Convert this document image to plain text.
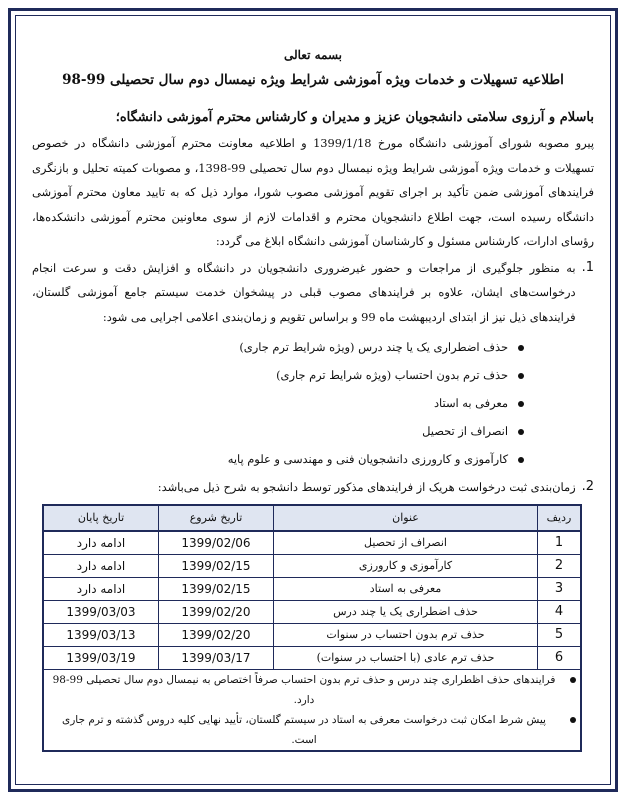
بسمه تعالی
اطلاعیه تسهیلات و خدمات ویژه آموزشی شرایط ویژه نیمسال دوم سال تحصیلی 99-98
باسلام و آرزوی سلامتی دانشجویان عزیز و مدیران و کارشناس محترم آموزشی دانشگاه؛
پیرو مصوبه شورای آموزشی دانشگاه مورخ 1399/1/18 و اطلاعیه معاونت محترم آموزشی دانشگاه در خصوص تسهیلات و خدمات ویژه آموزشی شرایط ویژه نیمسال دوم سال تحصیلی 99-1398، و مصوبات کمیته تحلیل و بازنگری فرایندهای آموزشی ضمن تأکید بر اجرای تقویم آموزشی مصوب شورا، موارد ذیل که به تایید معاون محترم آموزشی دانشگاه رسیده است، جهت اطلاع دانشجویان محترم و اقدامات لازم از سوی معاونین محترم آموزشی دانشکده‌ها، رؤسای ادارات، کارشناس مسئول و کارشناسان آموزشی دانشگاه ابلاغ می گردد:
1.
به منظور جلوگیری از مراجعات و حضور غیرضروری دانشجویان در دانشگاه و افزایش دقت و سرعت انجام درخواست‌های ایشان، علاوه بر فرایندهای مصوب قبلی در پیشخوان خدمت سیستم جامع آموزشی گلستان، فرایندهای ذیل نیز از ابتدای اردیبهشت ماه 99 و براساس تقویم و زمان‌بندی اعلامی اجرایی می شود:
حذف اضطراری یک یا چند درس (ویژه شرایط ترم جاری)
حذف ترم بدون احتساب (ویژه شرایط ترم جاری)
معرفی به استاد
انصراف از تحصیل
کارآموزی و کارورزی دانشجویان فنی و مهندسی و علوم پایه
2.
زمان‌بندی ثبت درخواست هریک از فرایندهای مذکور توسط دانشجو به شرح ذیل می‌باشد:
ردیف	عنوان	تاریخ شروع	تاریخ پایان
1	انصراف از تحصیل	1399/02/06	ادامه دارد
2	کارآموزی و کارورزی	1399/02/15	ادامه دارد
3	معرفی به استاد	1399/02/15	ادامه دارد
4	حذف اضطراری یک یا چند درس	1399/02/20	1399/03/03
5	حذف ترم بدون احتساب در سنوات	1399/02/20	1399/03/13
6	حذف ترم عادی (با احتساب در سنوات)	1399/03/17	1399/03/19

فرایندهای حذف اظطراری چند درس و حذف ترم بدون احتساب صرفاً اختصاص به نیمسال دوم سال تحصیلی 99-98 دارد.
پیش شرط امکان ثبت درخواست معرفی به استاد در سیستم گلستان، تأیید نهایی کلیه دروس گذشته و ترم جاری است.			
